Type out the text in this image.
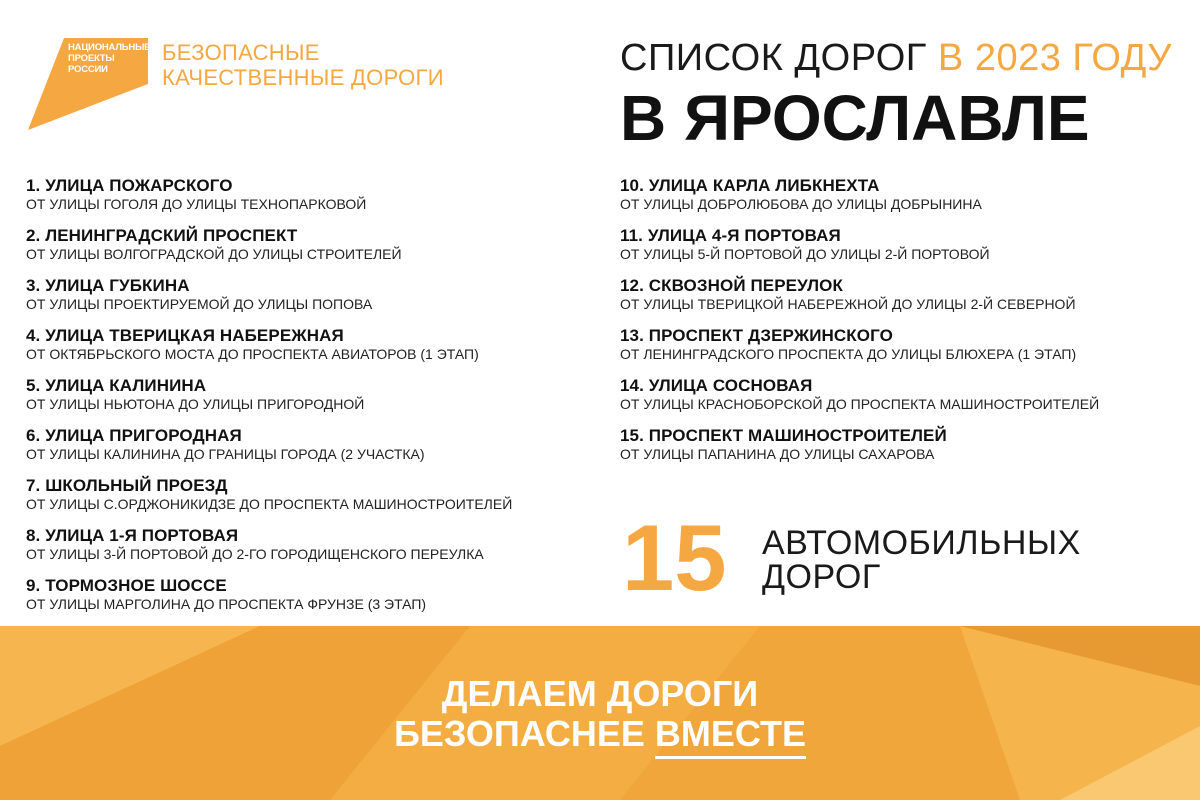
НАЦИОНАЛЬНЫЕ
ПРОЕКТЫ
РОССИИ
БЕЗОПАСНЫЕ
КАЧЕСТВЕННЫЕ ДОРОГИ	СПИСОК ДОРОГ В 2023 ГОДУ
В ЯРОСЛАВЛЕ
1. УЛИЦА ПОЖАРСКОГО
ОТ УЛИЦЫ ГОГОЛЯ ДО УЛИЦЫ ТЕХНОПАРКОВОЙ
2. ЛЕНИНГРАДСКИЙ ПРОСПЕКТ
ОТ УЛИЦЫ ВОЛГОГРАДСКОЙ ДО УЛИЦЫ СТРОИТЕЛЕЙ
3. УЛИЦА ГУБКИНА
ОТ УЛИЦЫ ПРОЕКТИРУЕМОЙ ДО УЛИЦЫ ПОПОВА
4. УЛИЦА ТВЕРИЦКАЯ НАБЕРЕЖНАЯ
ОТ ОКТЯБРЬСКОГО МОСТА ДО ПРОСПЕКТА АВИАТОРОВ (1 ЭТАП)
5. УЛИЦА КАЛИНИНА
ОТ УЛИЦЫ НЬЮТОНА ДО УЛИЦЫ ПРИГОРОДНОЙ
6. УЛИЦА ПРИГОРОДНАЯ
ОТ УЛИЦЫ КАЛИНИНА ДО ГРАНИЦЫ ГОРОДА (2 УЧАСТКА)
7. ШКОЛЬНЫЙ ПРОЕЗД
ОТ УЛИЦЫ С.ОРДЖОНИКИДЗЕ ДО ПРОСПЕКТА МАШИНОСТРОИТЕЛЕЙ
8. УЛИЦА 1-Я ПОРТОВАЯ
ОТ УЛИЦЫ 3-Й ПОРТОВОЙ ДО 2-ГО ГОРОДИЩЕНСКОГО ПЕРЕУЛКА
9. ТОРМОЗНОЕ ШОССЕ
ОТ УЛИЦЫ МАРГОЛИНА ДО ПРОСПЕКТА ФРУНЗЕ (3 ЭТАП)
10. УЛИЦА КАРЛА ЛИБКНЕХТА
ОТ УЛИЦЫ ДОБРОЛЮБОВА ДО УЛИЦЫ ДОБРЫНИНА
11. УЛИЦА 4-Я ПОРТОВАЯ
ОТ УЛИЦЫ 5-Й ПОРТОВОЙ ДО УЛИЦЫ 2-Й ПОРТОВОЙ
12. СКВОЗНОЙ ПЕРЕУЛОК
ОТ УЛИЦЫ ТВЕРИЦКОЙ НАБЕРЕЖНОЙ ДО УЛИЦЫ 2-Й СЕВЕРНОЙ
13. ПРОСПЕКТ ДЗЕРЖИНСКОГО
ОТ ЛЕНИНГРАДСКОГО ПРОСПЕКТА ДО УЛИЦЫ БЛЮХЕРА (1 ЭТАП)
14. УЛИЦА СОСНОВАЯ
ОТ УЛИЦЫ КРАСНОБОРСКОЙ ДО ПРОСПЕКТА МАШИНОСТРОИТЕЛЕЙ
15. ПРОСПЕКТ МАШИНОСТРОИТЕЛЕЙ
ОТ УЛИЦЫ ПАПАНИНА ДО УЛИЦЫ САХАРОВА
15 АВТОМОБИЛЬНЫХ
ДОРОГ
ДЕЛАЕМ ДОРОГИ
БЕЗОПАСНЕЕ ВМЕСТЕ
